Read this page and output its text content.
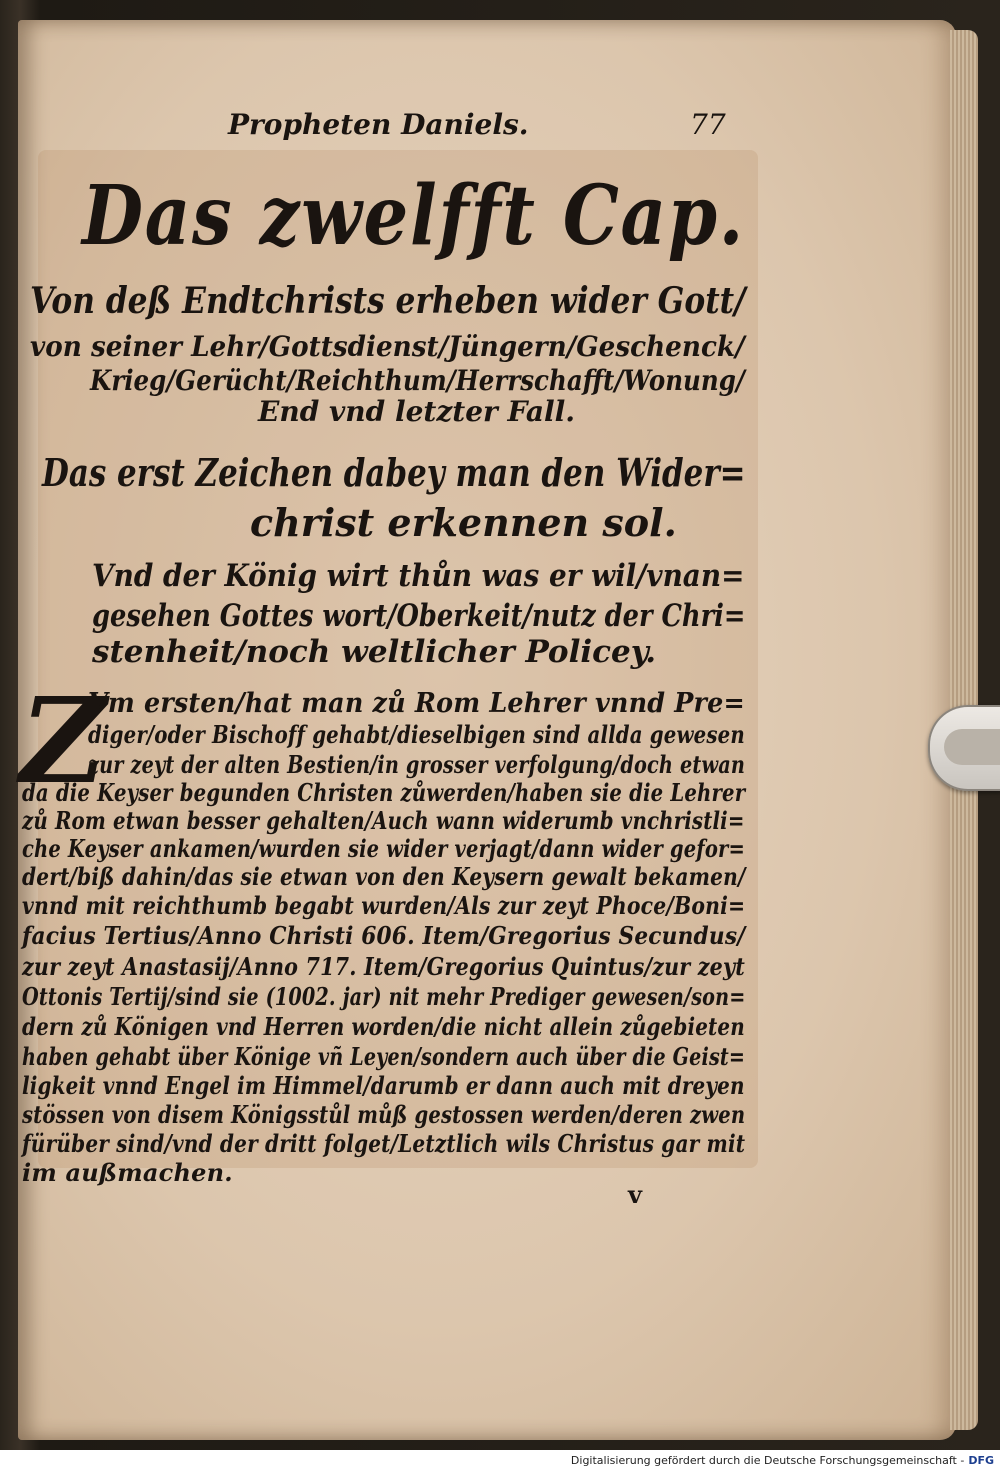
Propheten Daniels.	77
Das zwelfft Cap.
Von deß Endtchrists erheben wider Gott/
von seiner Lehr/Gottsdienst/Jüngern/Geschenck/
Krieg/Gerücht/Reichthum/Herrschafft/Wonung/
End vnd letzter Fall.
Das erst Zeichen dabey man den Wider=
christ erkennen sol.
Vnd der König wirt thůn was er wil/vnan=
gesehen Gottes wort/Oberkeit/nutz der Chri=
stenheit/noch weltlicher Policey.
Z
Vm ersten/hat man zů Rom Lehrer vnnd Pre=
diger/oder Bischoff gehabt/dieselbigen sind allda gewesen
zur zeyt der alten Bestien/in grosser verfolgung/doch etwan
da die Keyser begunden Christen zůwerden/haben sie die Lehrer
zů Rom etwan besser gehalten/Auch wann widerumb vnchristli=
che Keyser ankamen/wurden sie wider verjagt/dann wider gefor=
dert/biß dahin/das sie etwan von den Keysern gewalt bekamen/
vnnd mit reichthumb begabt wurden/Als zur zeyt Phoce/Boni=
facius Tertius/Anno Christi 606. Item/Gregorius Secundus/
zur zeyt Anastasij/Anno 717. Item/Gregorius Quintus/zur zeyt
Ottonis Tertij/sind sie (1002. jar) nit mehr Prediger gewesen/son=
dern zů Königen vnd Herren worden/die nicht allein zůgebieten
haben gehabt über Könige vñ Leyen/sondern auch über die Geist=
ligkeit vnnd Engel im Himmel/darumb er dann auch mit dreyen
stössen von disem Königsstůl můß gestossen werden/deren zwen
fürüber sind/vnd der dritt folget/Letztlich wils Christus gar mit
im außmachen.
v
Digitalisierung gefördert durch die Deutsche Forschungsgemeinschaft - DFG
